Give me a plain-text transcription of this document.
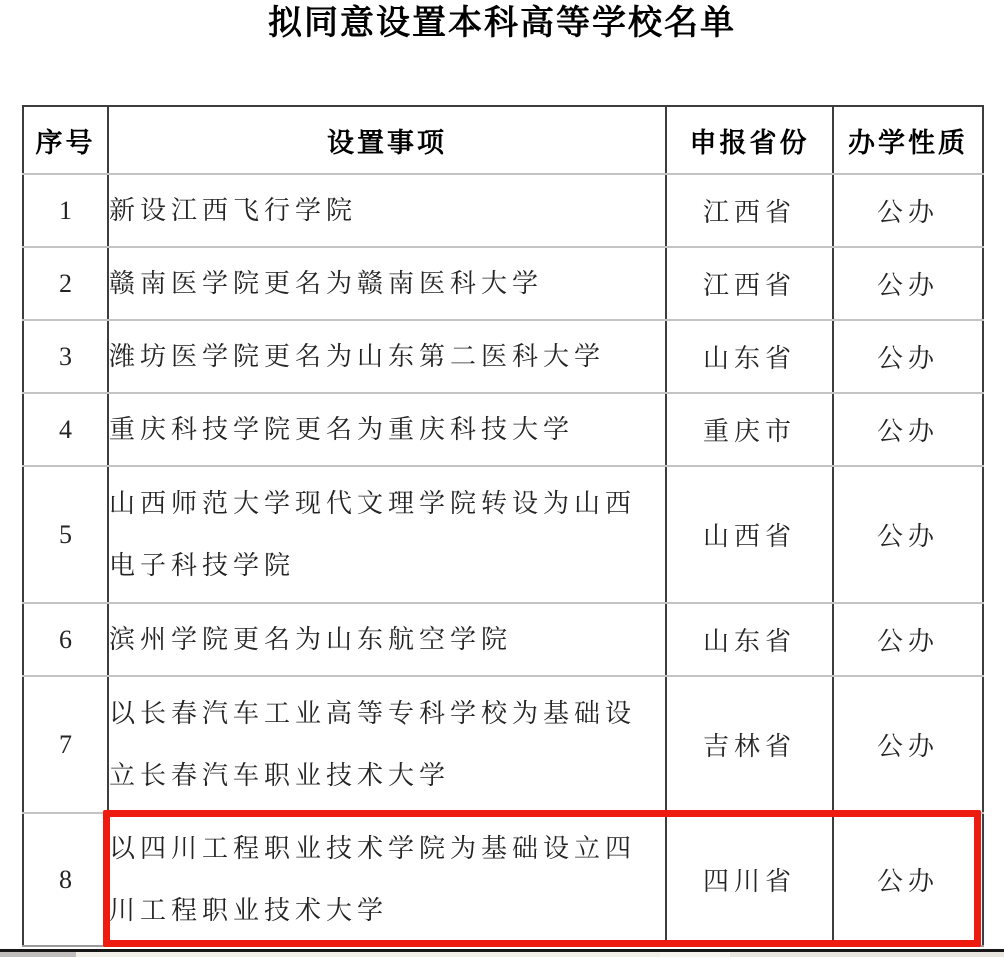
拟同意设置本科高等学校名单
序号	设置事项	申报省份	办学性质
1	新设江西飞行学院	江西省	公办
2	赣南医学院更名为赣南医科大学	江西省	公办
3	潍坊医学院更名为山东第二医科大学	山东省	公办
4	重庆科技学院更名为重庆科技大学	重庆市	公办
5	山西师范大学现代文理学院转设为山西电子科技学院	山西省	公办
6	滨州学院更名为山东航空学院	山东省	公办
7	以长春汽车工业高等专科学校为基础设立长春汽车职业技术大学	吉林省	公办
8	以四川工程职业技术学院为基础设立四川工程职业技术大学	四川省	公办
